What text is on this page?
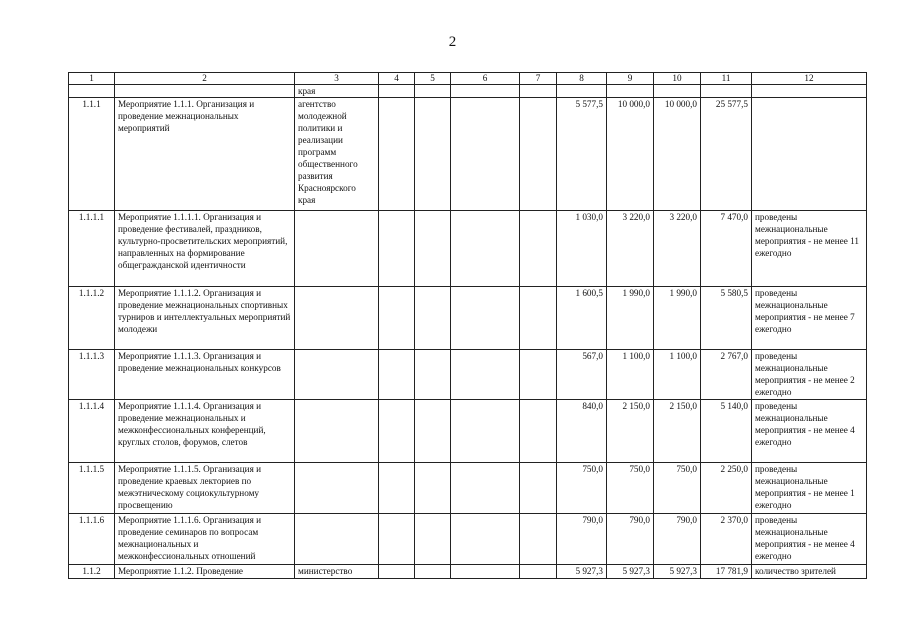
2
1	2	3	4	5	6	7	8	9	10	11	12
		края									
1.1.1	Мероприятие 1.1.1. Организация и проведение межнациональных мероприятий	агентство молодежной политики и реализации программ общественного развития Красноярского края					5 577,5	10 000,0	10 000,0	25 577,5	
1.1.1.1	Мероприятие 1.1.1.1. Организация и проведение фестивалей, праздников, культурно-просветительских мероприятий, направленных на формирование общегражданской идентичности						1 030,0	3 220,0	3 220,0	7 470,0	проведены межнациональные мероприятия - не менее 11 ежегодно
1.1.1.2	Мероприятие 1.1.1.2. Организация и проведение межнациональных спортивных турниров и интеллектуальных мероприятий молодежи						1 600,5	1 990,0	1 990,0	5 580,5	проведены межнациональные мероприятия - не менее 7 ежегодно
1.1.1.3	Мероприятие 1.1.1.3. Организация и проведение межнациональных конкурсов						567,0	1 100,0	1 100,0	2 767,0	проведены межнациональные мероприятия - не менее 2 ежегодно
1.1.1.4	Мероприятие 1.1.1.4. Организация и проведение межнациональных и межконфессиональных конференций, круглых столов, форумов, слетов						840,0	2 150,0	2 150,0	5 140,0	проведены межнациональные мероприятия - не менее 4 ежегодно
1.1.1.5	Мероприятие 1.1.1.5. Организация и проведение краевых лекториев по межэтническому социокультурному просвещению						750,0	750,0	750,0	2 250,0	проведены межнациональные мероприятия - не менее 1 ежегодно
1.1.1.6	Мероприятие 1.1.1.6. Организация и проведение семинаров по вопросам межнациональных и межконфессиональных отношений						790,0	790,0	790,0	2 370,0	проведены межнациональные мероприятия - не менее 4 ежегодно
1.1.2	Мероприятие 1.1.2. Проведение	министерство					5 927,3	5 927,3	5 927,3	17 781,9	количество зрителей
